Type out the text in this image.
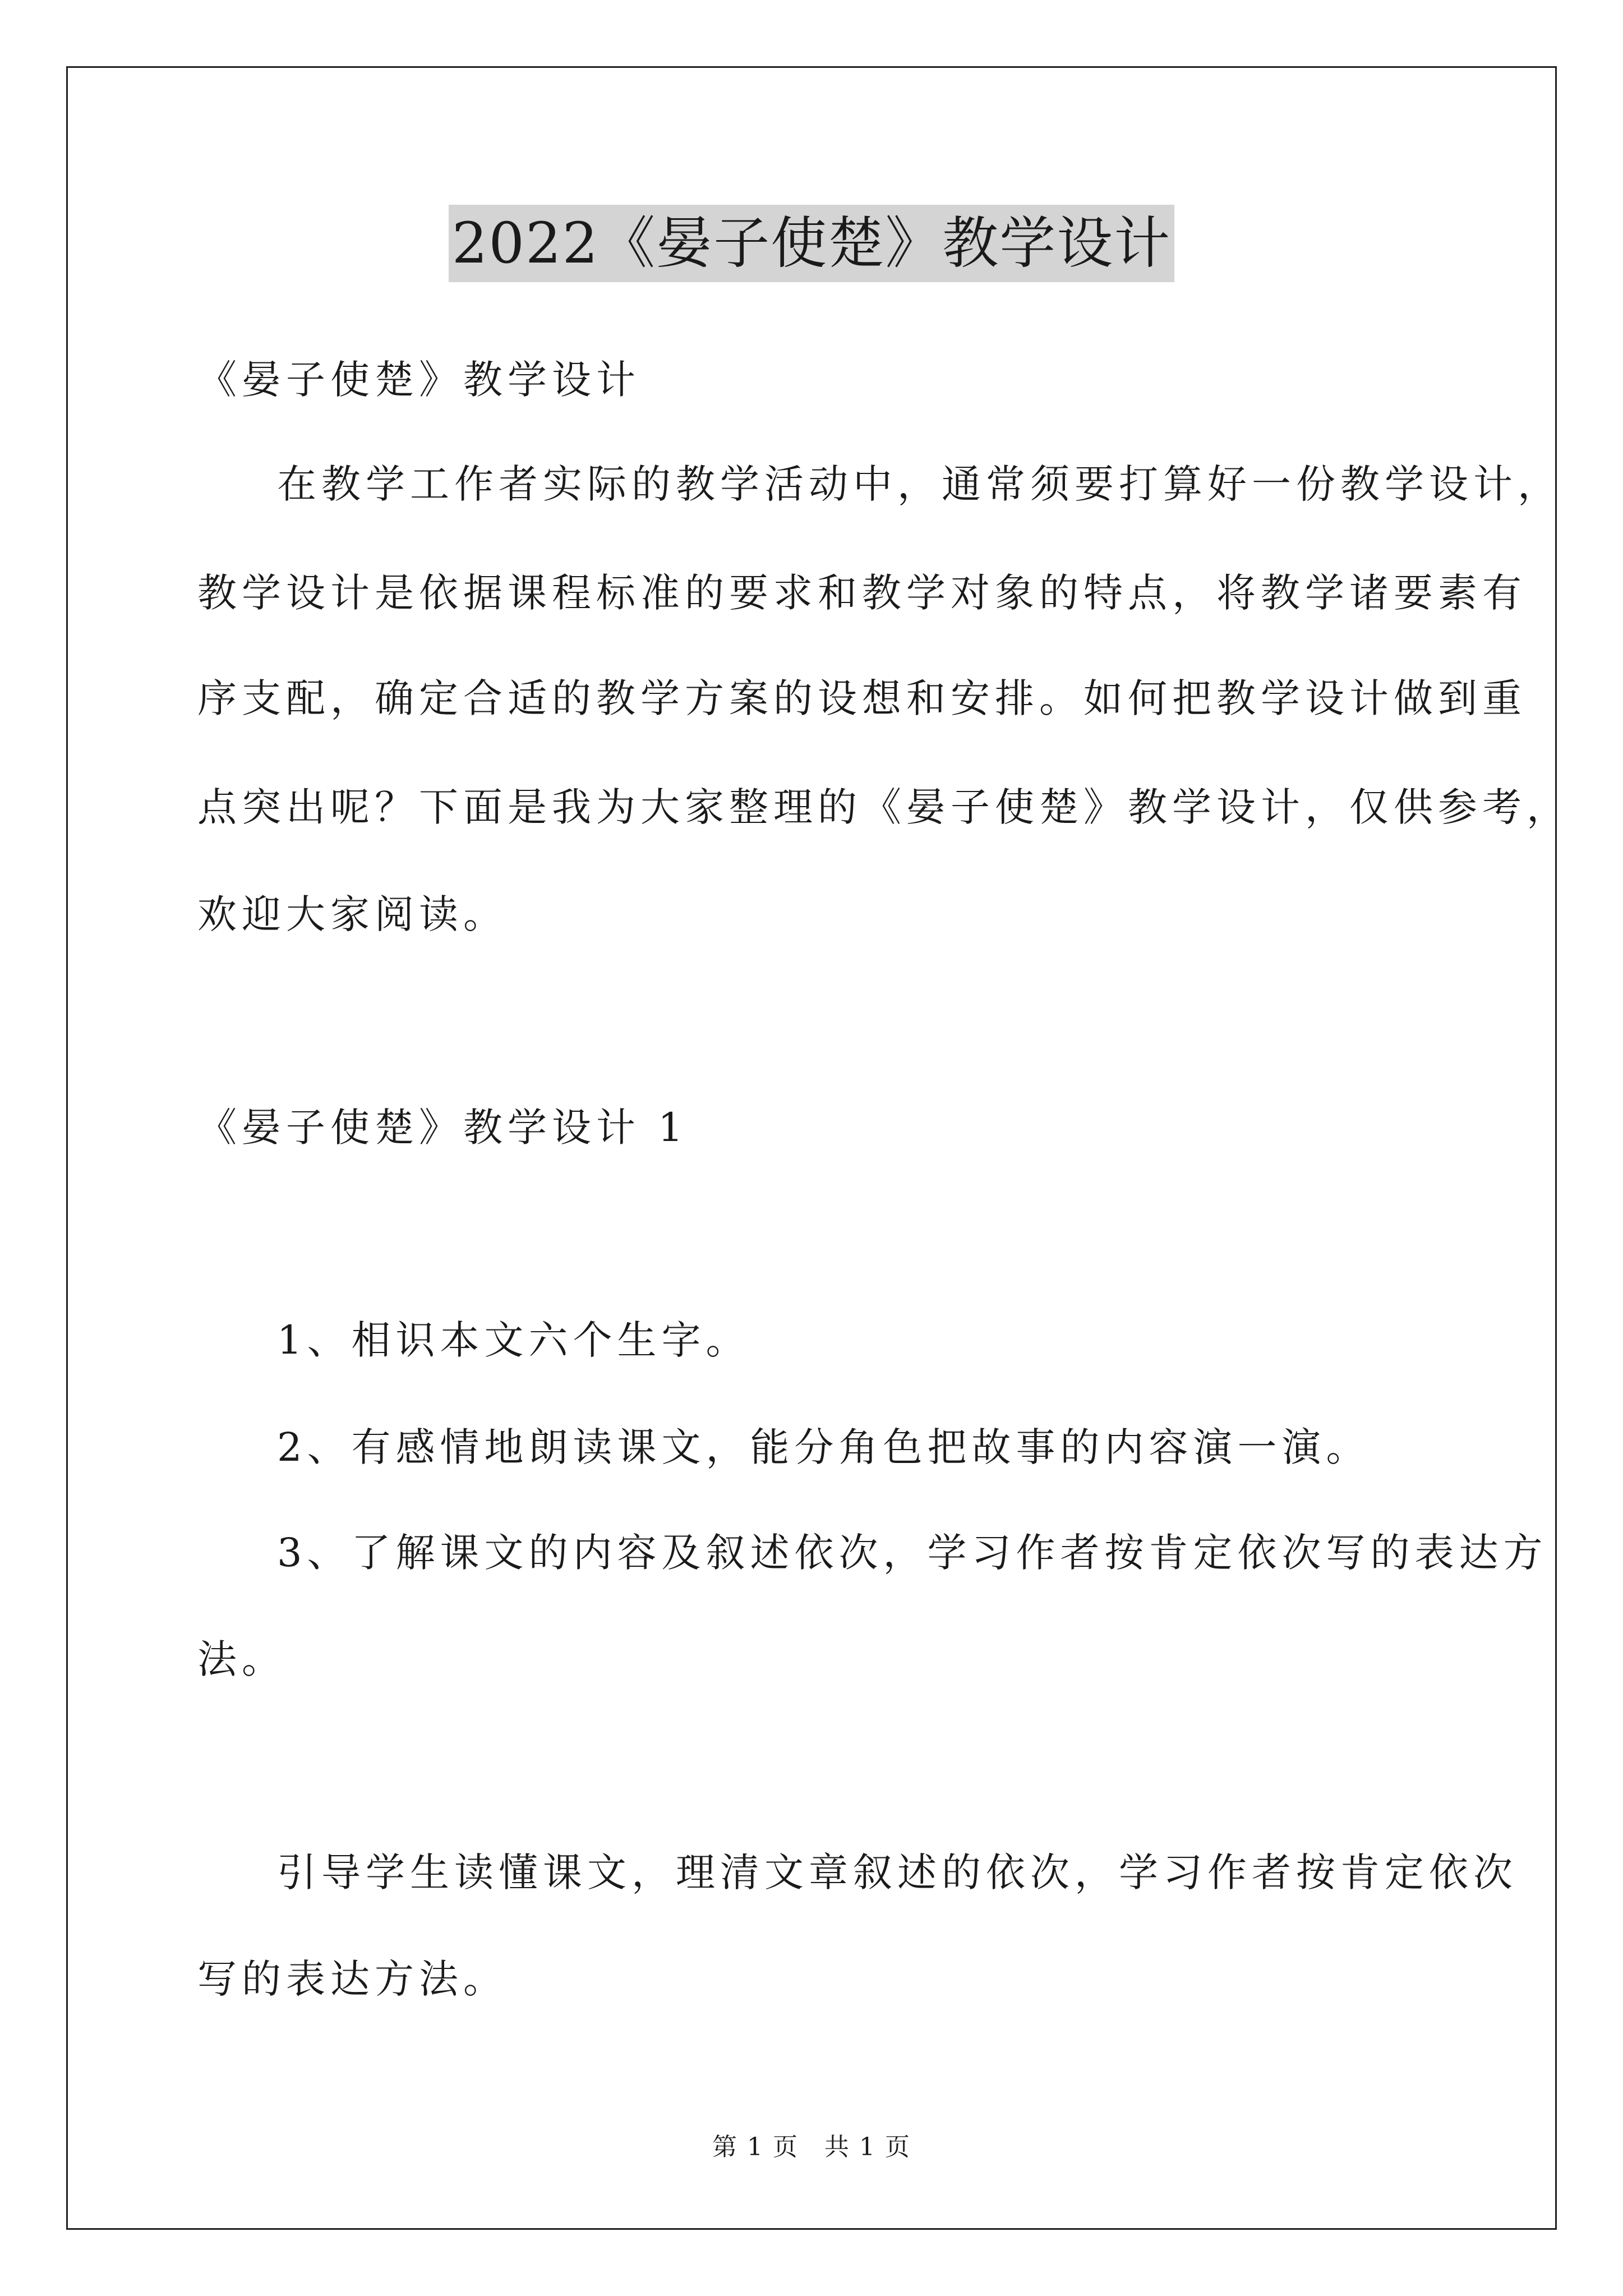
2022《晏子使楚》教学设计
《晏子使楚》教学设计
在教学工作者实际的教学活动中，通常须要打算好一份教学设计，
教学设计是依据课程标准的要求和教学对象的特点，将教学诸要素有
序支配，确定合适的教学方案的设想和安排。如何把教学设计做到重
点突出呢？下面是我为大家整理的《晏子使楚》教学设计，仅供参考，
欢迎大家阅读。
《晏子使楚》教学设计 1
1、相识本文六个生字。
2、有感情地朗读课文，能分角色把故事的内容演一演。
3、了解课文的内容及叙述依次，学习作者按肯定依次写的表达方
法。
引导学生读懂课文，理清文章叙述的依次，学习作者按肯定依次
写的表达方法。
第 1 页　共 1 页
